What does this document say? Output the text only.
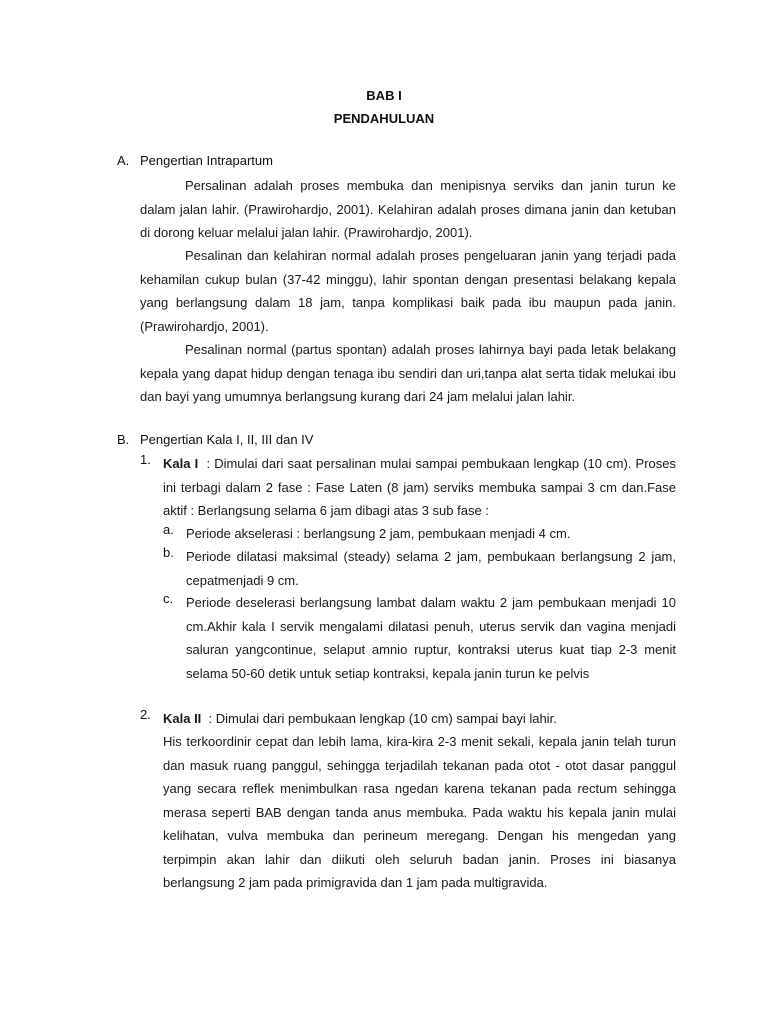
BAB I
PENDAHULUAN
A. Pengertian Intrapartum

Persalinan adalah proses membuka dan menipisnya serviks dan janin turun ke dalam jalan lahir. (Prawirohardjo, 2001). Kelahiran adalah proses dimana janin dan ketuban di dorong keluar melalui jalan lahir. (Prawirohardjo, 2001).

Pesalinan dan kelahiran normal adalah proses pengeluaran janin yang terjadi pada kehamilan cukup bulan (37-42 minggu), lahir spontan dengan presentasi belakang kepala yang berlangsung dalam 18 jam, tanpa komplikasi baik pada ibu maupun pada janin. (Prawirohardjo, 2001).

Pesalinan normal (partus spontan) adalah proses lahirnya bayi pada letak belakang kepala yang dapat hidup dengan tenaga ibu sendiri dan uri,tanpa alat serta tidak melukai ibu dan bayi yang umumnya berlangsung kurang dari 24 jam melalui jalan lahir.

B. Pengertian Kala I, II, III dan IV
1. Kala I  : Dimulai dari saat persalinan mulai sampai pembukaan lengkap (10 cm). Proses ini terbagi dalam 2 fase : Fase Laten (8 jam) serviks membuka sampai 3 cm dan.Fase aktif : Berlangsung selama 6 jam dibagi atas 3 sub fase :

a. Periode akselerasi : berlangsung 2 jam, pembukaan menjadi 4 cm.

b. Periode dilatasi maksimal (steady) selama 2 jam, pembukaan berlangsung 2 jam, cepatmenjadi 9 cm.

c. Periode deselerasi berlangsung lambat dalam waktu 2 jam pembukaan menjadi 10 cm.Akhir kala I servik mengalami dilatasi penuh, uterus servik dan vagina menjadi saluran yangcontinue, selaput amnio ruptur, kontraksi uterus kuat tiap 2-3 menit selama 50-60 detik untuk setiap kontraksi, kepala janin turun ke pelvis

2. Kala II  : Dimulai dari pembukaan lengkap (10 cm) sampai bayi lahir.

His terkoordinir cepat dan lebih lama, kira-kira 2-3 menit sekali, kepala janin telah turun dan masuk ruang panggul, sehingga terjadilah tekanan pada otot - otot dasar panggul yang secara reflek menimbulkan rasa ngedan karena tekanan pada rectum sehingga merasa seperti BAB dengan tanda anus membuka. Pada waktu his kepala janin mulai kelihatan, vulva membuka dan perineum meregang. Dengan his mengedan yang terpimpin akan lahir dan diikuti oleh seluruh badan janin. Proses ini biasanya berlangsung 2 jam pada primigravida dan 1 jam pada multigravida.
